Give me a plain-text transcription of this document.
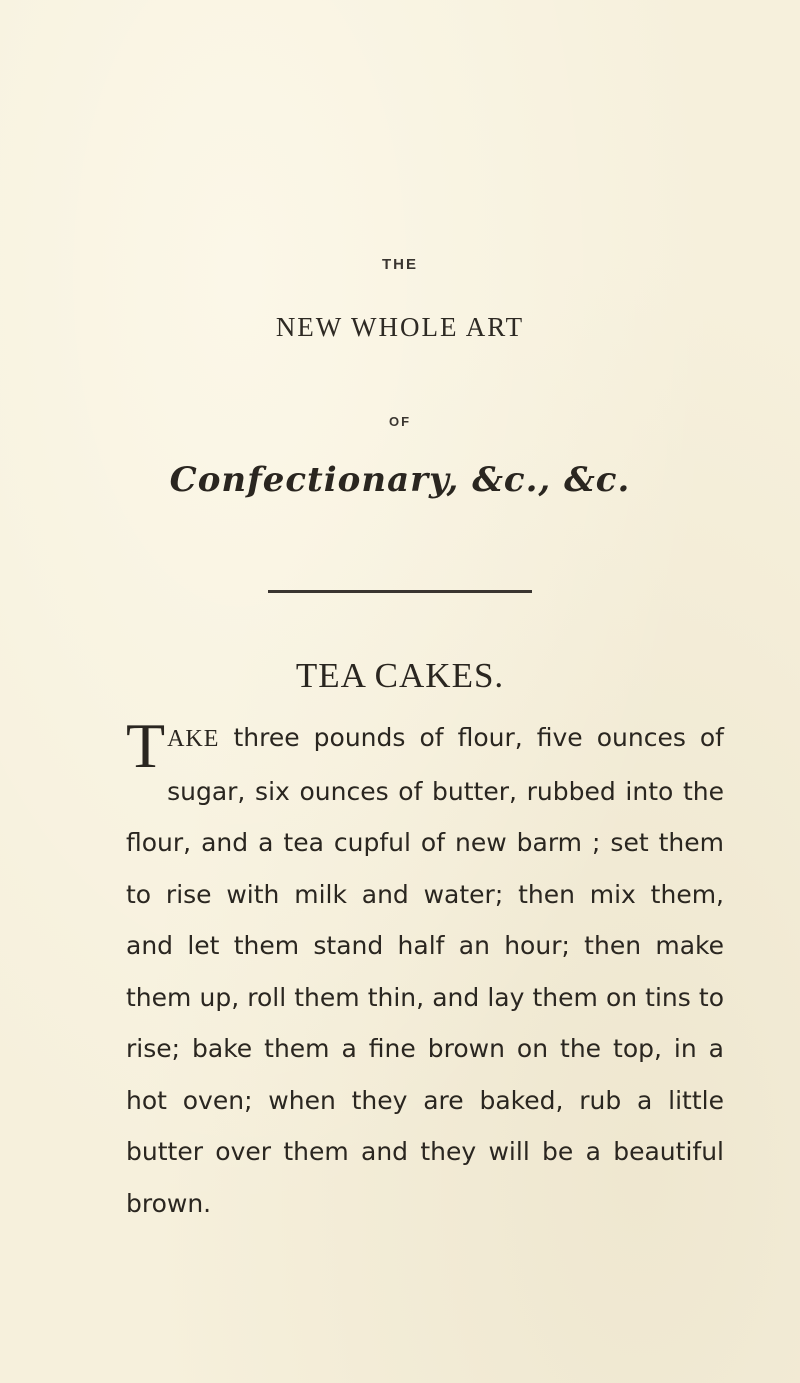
THE
NEW WHOLE ART
OF
Confectionary, &c., &c.
TEA CAKES.
TAKE three pounds of flour, five ounces of sugar, six ounces of butter, rubbed into the flour, and a tea cupful of new barm ; set them to rise with milk and water; then mix them, and let them stand half an hour; then make them up, roll them thin, and lay them on tins to rise; bake them a fine brown on the top, in a hot oven; when they are baked, rub a little butter over them and they will be a beautiful brown.
